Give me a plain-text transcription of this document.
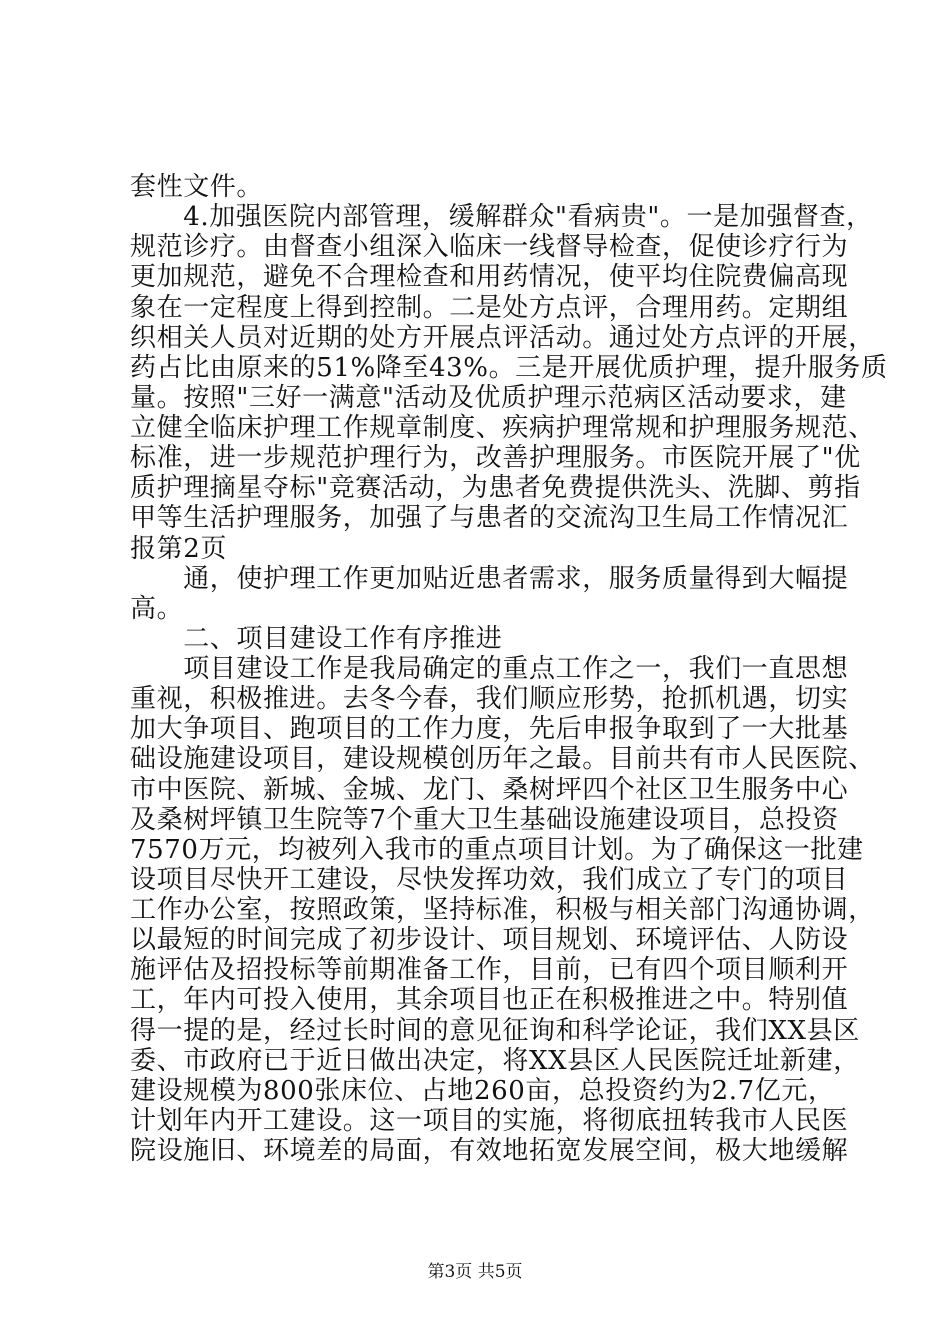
套性文件。
　　4.加强医院内部管理，缓解群众"看病贵"。一是加强督查，
规范诊疗。由督查小组深入临床一线督导检查，促使诊疗行为
更加规范，避免不合理检查和用药情况，使平均住院费偏高现
象在一定程度上得到控制。二是处方点评，合理用药。定期组
织相关人员对近期的处方开展点评活动。通过处方点评的开展，
药占比由原来的51%降至43%。三是开展优质护理，提升服务质
量。按照"三好一满意"活动及优质护理示范病区活动要求，建
立健全临床护理工作规章制度、疾病护理常规和护理服务规范、
标准，进一步规范护理行为，改善护理服务。市医院开展了"优
质护理摘星夺标"竞赛活动，为患者免费提供洗头、洗脚、剪指
甲等生活护理服务，加强了与患者的交流沟卫生局工作情况汇
报第2页
　　通，使护理工作更加贴近患者需求，服务质量得到大幅提
高。
　　二、项目建设工作有序推进
　　项目建设工作是我局确定的重点工作之一，我们一直思想
重视，积极推进。去冬今春，我们顺应形势，抢抓机遇，切实
加大争项目、跑项目的工作力度，先后申报争取到了一大批基
础设施建设项目，建设规模创历年之最。目前共有市人民医院、
市中医院、新城、金城、龙门、桑树坪四个社区卫生服务中心
及桑树坪镇卫生院等7个重大卫生基础设施建设项目，总投资
7570万元，均被列入我市的重点项目计划。为了确保这一批建
设项目尽快开工建设，尽快发挥功效，我们成立了专门的项目
工作办公室，按照政策，坚持标准，积极与相关部门沟通协调，
以最短的时间完成了初步设计、项目规划、环境评估、人防设
施评估及招投标等前期准备工作，目前，已有四个项目顺利开
工，年内可投入使用，其余项目也正在积极推进之中。特别值
得一提的是，经过长时间的意见征询和科学论证，我们XX县区
委、市政府已于近日做出决定，将XX县区人民医院迁址新建，
建设规模为800张床位、占地260亩，总投资约为2.7亿元，
计划年内开工建设。这一项目的实施，将彻底扭转我市人民医
院设施旧、环境差的局面，有效地拓宽发展空间，极大地缓解
第3页 共5页
